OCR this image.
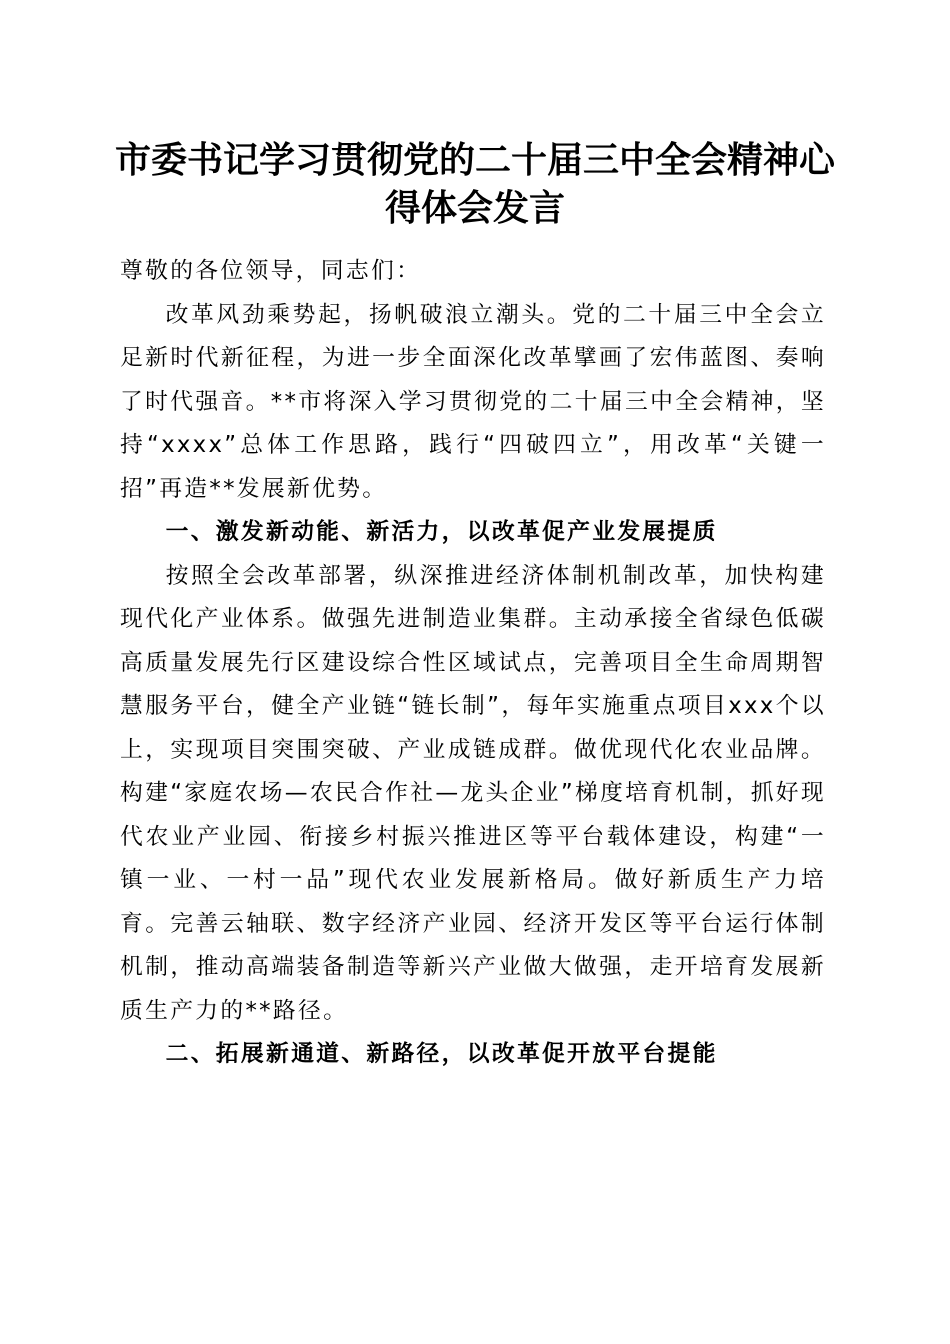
市委书记学习贯彻党的二十届三中全会精神心得体会发言

尊敬的各位领导，同志们：

改革风劲乘势起，扬帆破浪立潮头。党的二十届三中全会立足新时代新征程，为进一步全面深化改革擘画了宏伟蓝图、奏响了时代强音。**市将深入学习贯彻党的二十届三中全会精神，坚持“xxxx”总体工作思路，践行“四破四立”，用改革“关键一招”再造**发展新优势。

一、激发新动能、新活力，以改革促产业发展提质

按照全会改革部署，纵深推进经济体制机制改革，加快构建现代化产业体系。做强先进制造业集群。主动承接全省绿色低碳高质量发展先行区建设综合性区域试点，完善项目全生命周期智慧服务平台，健全产业链“链长制”，每年实施重点项目xxx个以上，实现项目突围突破、产业成链成群。做优现代化农业品牌。构建“家庭农场—农民合作社—龙头企业”梯度培育机制，抓好现代农业产业园、衔接乡村振兴推进区等平台载体建设，构建“一镇一业、一村一品”现代农业发展新格局。做好新质生产力培育。完善云轴联、数字经济产业园、经济开发区等平台运行体制机制，推动高端装备制造等新兴产业做大做强，走开培育发展新质生产力的**路径。

二、拓展新通道、新路径，以改革促开放平台提能
